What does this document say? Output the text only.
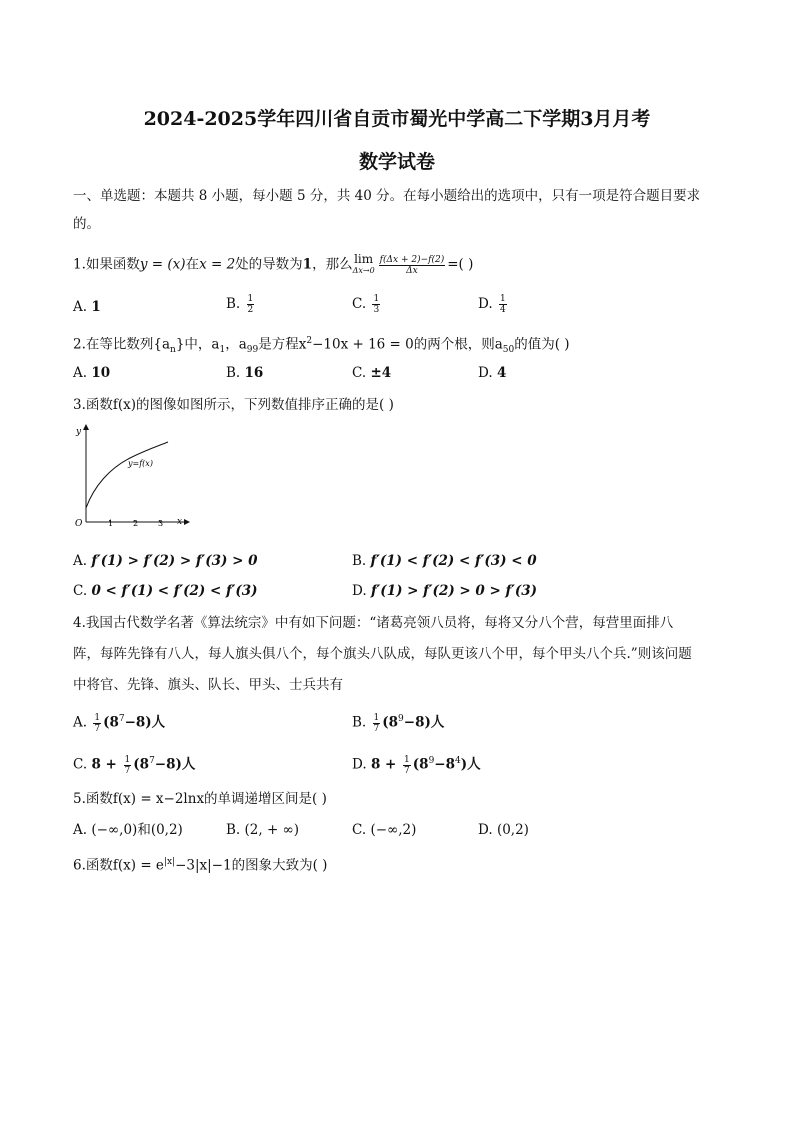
2024-2025学年四川省自贡市蜀光中学高二下学期3月月考
数学试卷
一、单选题：本题共 8 小题，每小题 5 分，共 40 分。在每小题给出的选项中，只有一项是符合题目要求
的。
1.如果函数y = (x)在x = 2处的导数为1，那么 lim
$\Delta x\to 0 \frac{f(\Delta x + 2)-f(2)}{\Delta x}$ =( )
A. 1	B. $\frac{1}{2}$	C. $\frac{1}{3}$	D. $\frac{1}{4}$
2.在等比数列$\{a_n\}$中，$a_1$，$a_{99}$是方程$x^2-10x + 16 = 0$的两个根，则$a_{50}$的值为( )
A. 10	B. 16	C. ±4	D. 4
3.函数f(x)的图像如图所示，下列数值排序正确的是( )
y
x
O	1 2 3
y=f(x)
A. f′(1) > f′(2) > f′(3) > 0	B. f′(1) < f′(2) < f′(3) < 0
C. 0 < f′(1) < f′(2) < f′(3)	D. f′(1) > f′(2) > 0 > f′(3)
4.我国古代数学名著《算法统宗》中有如下问题：“诸葛亮领八员将，每将又分八个营，每营里面排八
阵，每阵先锋有八人，每人旗头俱八个，每个旗头八队成，每队更该八个甲，每个甲头八个兵.”则该问题
中将官、先锋、旗头、队长、甲头、士兵共有
A. $\frac{1}{7} (8^7-8)$人	B. $\frac{1}{7} (8^9-8)$人
C. $8 + \frac{1}{7} (8^7-8)$人	D. $8 + \frac{1}{7} (8^9-8^4)$人
5.函数f(x) = x−2lnx的单调递增区间是( )
A. (−∞,0)和(0,2)	B. (2, + ∞)	C. (−∞,2)	D. (0,2)
6.函数$f(x) = e^{|x|}-3|x|-1$的图象大致为( )
